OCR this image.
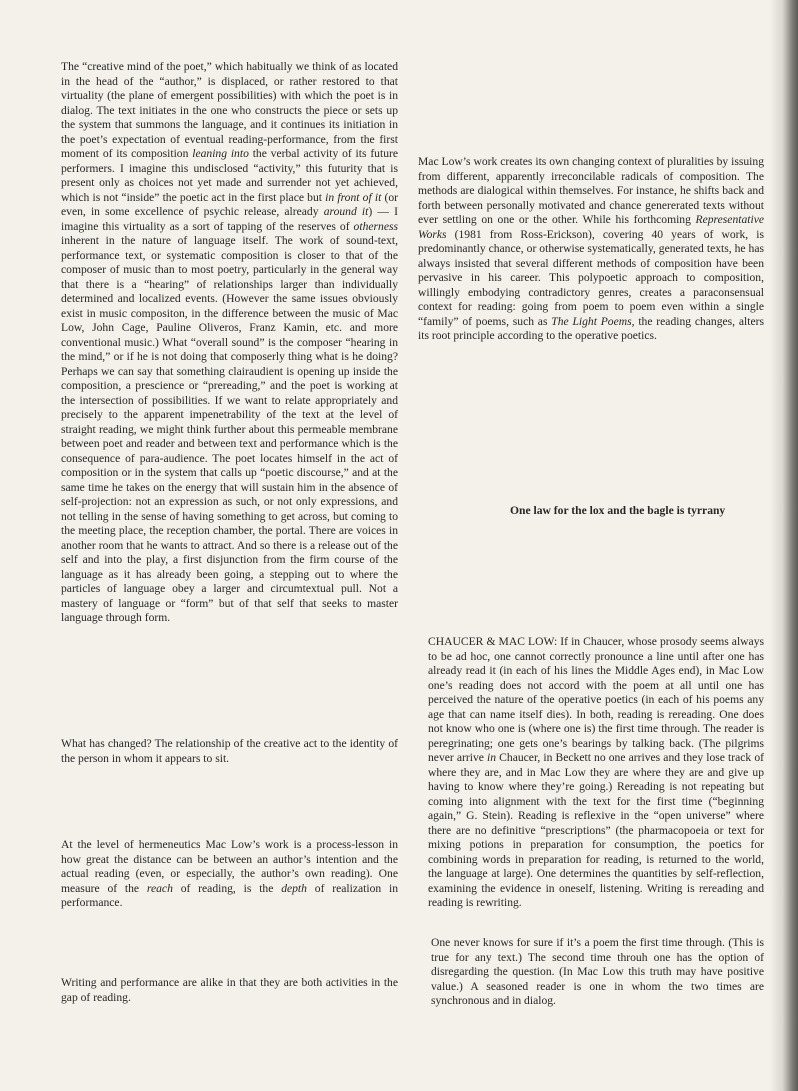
The “creative mind of the poet,” which habitually we think of as located in the head of the “author,” is displaced, or rather restored to that virtuality (the plane of emergent possibilities) with which the poet is in dialog. The text initiates in the one who constructs the piece or sets up the system that summons the language, and it continues its initiation in the poet’s expectation of eventual reading-performance, from the first moment of its composition leaning into the verbal activity of its future performers. I imagine this undisclosed “activity,” this futurity that is present only as choices not yet made and surrender not yet achieved, which is not “inside” the poetic act in the first place but in front of it (or even, in some excellence of psychic release, already around it) — I imagine this virtuality as a sort of tapping of the reserves of otherness inherent in the nature of language itself. The work of sound-text, performance text, or systematic composition is closer to that of the composer of music than to most poetry, particularly in the general way that there is a “hearing” of relationships larger than individually determined and localized events. (However the same issues obviously exist in music compositon, in the difference between the music of Mac Low, John Cage, Pauline Oliveros, Franz Kamin, etc. and more conventional music.) What “overall sound” is the composer “hearing in the mind,” or if he is not doing that composerly thing what is he doing? Perhaps we can say that something clairaudient is opening up inside the composition, a prescience or “prereading,” and the poet is working at the intersection of possibilities. If we want to relate appropriately and precisely to the apparent impenetrability of the text at the level of straight reading, we might think further about this permeable membrane between poet and reader and between text and performance which is the consequence of para-audience. The poet locates himself in the act of composition or in the system that calls up “poetic discourse,” and at the same time he takes on the energy that will sustain him in the absence of self-projection: not an expression as such, or not only expressions, and not telling in the sense of having something to get across, but coming to the meeting place, the reception chamber, the portal. There are voices in another room that he wants to attract. And so there is a release out of the self and into the play, a first disjunction from the firm course of the language as it has already been going, a stepping out to where the particles of language obey a larger and circumtextual pull. Not a mastery of language or “form” but of that self that seeks to master language through form.

What has changed? The relationship of the creative act to the identity of the person in whom it appears to sit.

At the level of hermeneutics Mac Low’s work is a process-lesson in how great the distance can be between an author’s intention and the actual reading (even, or especially, the author’s own reading). One measure of the reach of reading, is the depth of realization in performance.

Writing and performance are alike in that they are both activities in the gap of reading.

Mac Low’s work creates its own changing context of pluralities by issuing from different, apparently irreconcilable radicals of composition. The methods are dialogical within themselves. For instance, he shifts back and forth between personally motivated and chance genererated texts without ever settling on one or the other. While his forthcoming Representative Works (1981 from Ross-Erickson), covering 40 years of work, is predominantly chance, or otherwise systematically, generated texts, he has always insisted that several different methods of composition have been pervasive in his career. This polypoetic approach to composition, willingly embodying contradictory genres, creates a paraconsensual context for reading: going from poem to poem even within a single “family” of poems, such as The Light Poems, the reading changes, alters its root principle according to the operative poetics.

One law for the lox and the bagle is tyrrany

CHAUCER & MAC LOW: If in Chaucer, whose prosody seems always to be ad hoc, one cannot correctly pronounce a line until after one has already read it (in each of his lines the Middle Ages end), in Mac Low one’s reading does not accord with the poem at all until one has perceived the nature of the operative poetics (in each of his poems any age that can name itself dies). In both, reading is rereading. One does not know who one is (where one is) the first time through. The reader is peregrinating; one gets one’s bearings by talking back. (The pilgrims never arrive in Chaucer, in Beckett no one arrives and they lose track of where they are, and in Mac Low they are where they are and give up having to know where they’re going.) Rereading is not repeating but coming into alignment with the text for the first time (“beginning again,” G. Stein). Reading is reflexive in the “open universe” where there are no definitive “prescriptions” (the pharmacopoeia or text for mixing potions in preparation for consumption, the poetics for combining words in preparation for reading, is returned to the world, the language at large). One determines the quantities by self-reflection, examining the evidence in oneself, listening. Writing is rereading and reading is rewriting.

One never knows for sure if it’s a poem the first time through. (This is true for any text.) The second time throuh one has the option of disregarding the question. (In Mac Low this truth may have positive value.) A seasoned reader is one in whom the two times are synchronous and in dialog.
